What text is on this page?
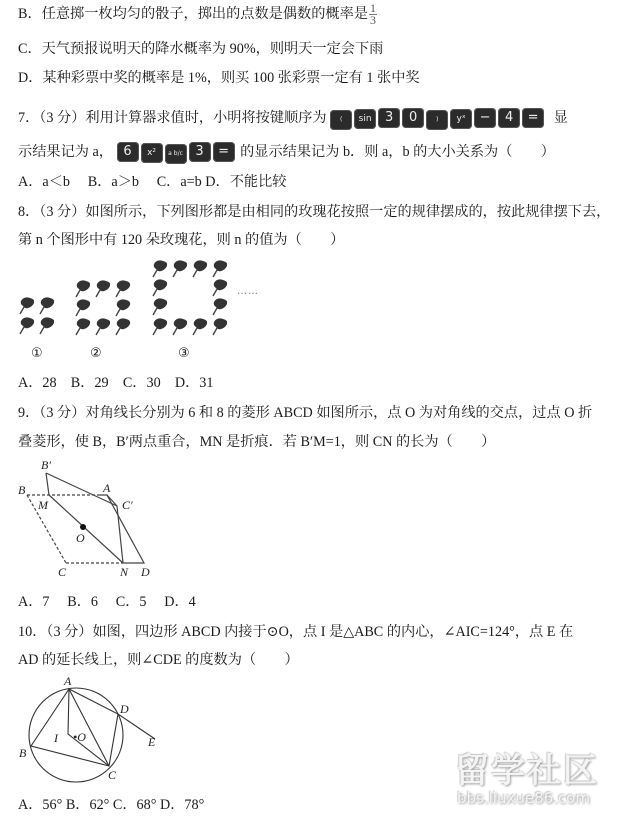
B．任意掷一枚均匀的骰子，掷出的点数是偶数的概率是 $\frac{1}{3}$
C．天气预报说明天的降水概率为 90%，则明天一定会下雨
D．某种彩票中奖的概率是 1%，则买 100 张彩票一定有 1 张中奖
7．（3 分）利用计算器求值时，小明将按键顺序为 ( sin 3 0	) yˣ − 4 = 显
示结果记为 a， 6 x² a b/c 3 = 的显示结果记为 b．则 a，b 的大小关系为（　　）
A．a＜b　 B．a＞b　 C．a=b D．不能比较
8．（3 分）如图所示，下列图形都是由相同的玫瑰花按照一定的规律摆成的，按此规律摆下去，
第 n 个图形中有 120 朵玫瑰花，则 n 的值为（　　）
……
①	②	③
A．28　B．29　C．30　D．31
9．（3 分）对角线长分别为 6 和 8 的菱形 ABCD 如图所示，点 O 为对角线的交点，过点 O 折
叠菱形，使 B，B′两点重合，MN 是折痕．若 B′M=1，则 CN 的长为（　　）
B′
B	A
C′
M
O
C	N D
A．7　 B．6　 C．5　 D．4
10．（3 分）如图，四边形 ABCD 内接于⊙O，点 I 是△ABC 的内心，∠AIC=124°，点 E 在
AD 的延长线上，则∠CDE 的度数为（　　）
A
B
C
D
E
I •O
A．56° B．62° C．68° D．78°
留学社区
bbs.liuxue86.com
